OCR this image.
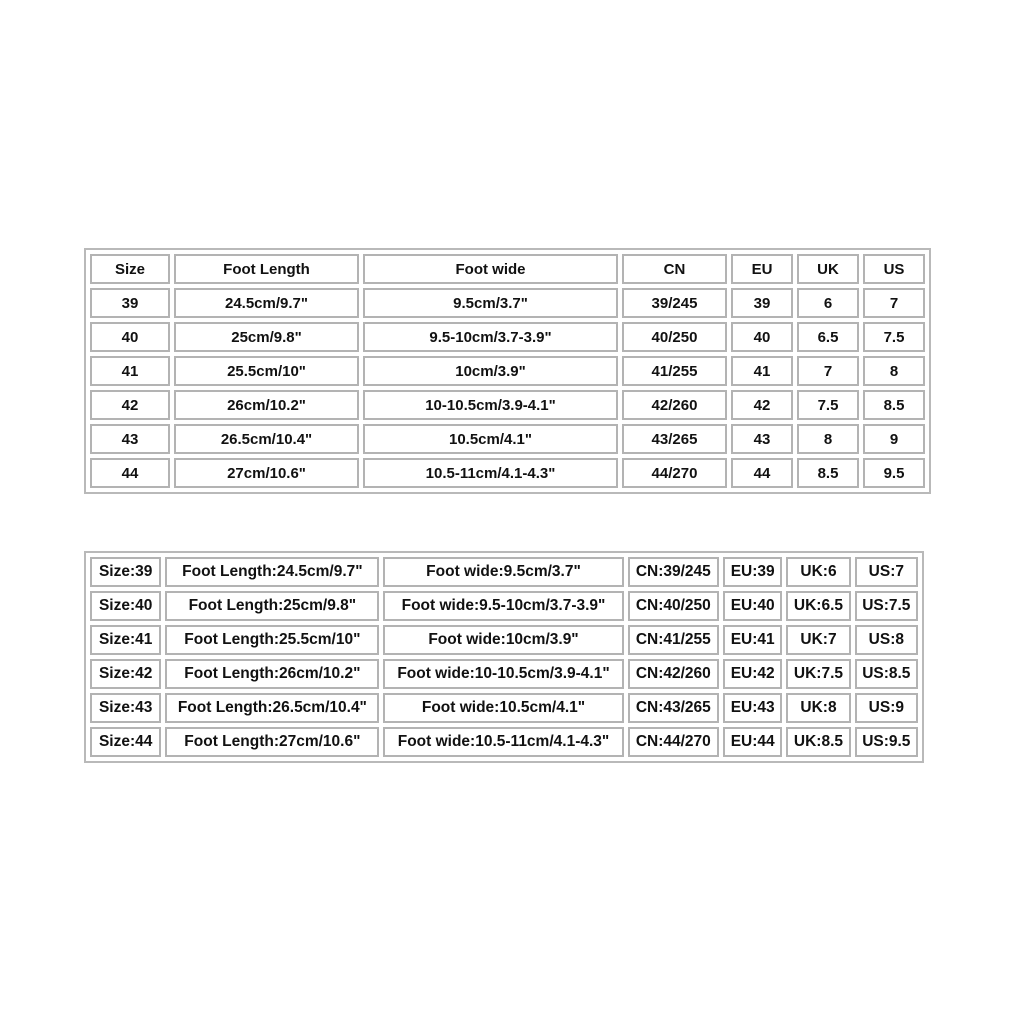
Size	Foot Length	Foot wide	CN	EU	UK	US
39	24.5cm/9.7"	9.5cm/3.7"	39/245	39	6	7
40	25cm/9.8"	9.5-10cm/3.7-3.9"	40/250	40	6.5	7.5
41	25.5cm/10"	10cm/3.9"	41/255	41	7	8
42	26cm/10.2"	10-10.5cm/3.9-4.1"	42/260	42	7.5	8.5
43	26.5cm/10.4"	10.5cm/4.1"	43/265	43	8	9
44	27cm/10.6"	10.5-11cm/4.1-4.3"	44/270	44	8.5	9.5
Size:39	Foot Length:24.5cm/9.7"	Foot wide:9.5cm/3.7"	CN:39/245	EU:39	UK:6	US:7
Size:40	Foot Length:25cm/9.8"	Foot wide:9.5-10cm/3.7-3.9"	CN:40/250	EU:40	UK:6.5	US:7.5
Size:41	Foot Length:25.5cm/10"	Foot wide:10cm/3.9"	CN:41/255	EU:41	UK:7	US:8
Size:42	Foot Length:26cm/10.2"	Foot wide:10-10.5cm/3.9-4.1"	CN:42/260	EU:42	UK:7.5	US:8.5
Size:43	Foot Length:26.5cm/10.4"	Foot wide:10.5cm/4.1"	CN:43/265	EU:43	UK:8	US:9
Size:44	Foot Length:27cm/10.6"	Foot wide:10.5-11cm/4.1-4.3"	CN:44/270	EU:44	UK:8.5	US:9.5
